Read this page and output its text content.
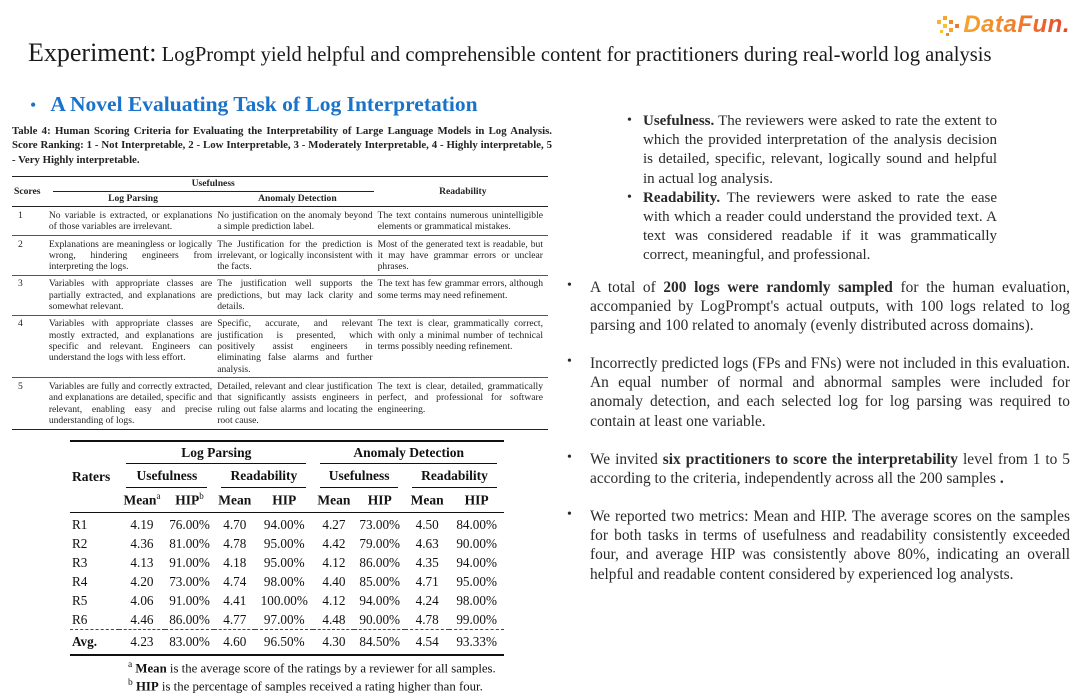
DataFun.
Experiment: LogPrompt yield helpful and comprehensible content for practitioners during real-world log analysis
• A Novel Evaluating Task of Log Interpretation
Table 4: Human Scoring Criteria for Evaluating the Interpretability of Large Language Models in Log Analysis. Score Ranking: 1 - Not Interpretable, 2 - Low Interpretable, 3 - Moderately Interpretable, 4 - Highly interpretable, 5 - Very Highly interpretable.
Scores	Usefulness		Readability
	Log Parsing	Anomaly Detection	
1	No variable is extracted, or explanations of those variables are irrelevant.	No justification on the anomaly beyond a simple prediction label.	The text contains numerous unintelligible elements or grammatical mistakes.
2	Explanations are meaningless or logically wrong, hindering engineers from interpreting the logs.	The Justification for the prediction is irrelevant, or logically inconsistent with the facts.	Most of the generated text is readable, but it may have grammar errors or unclear phrases.
3	Variables with appropriate classes are partially extracted, and explanations are somewhat relevant.	The justification well supports the predictions, but may lack clarity and details.	The text has few grammar errors, although some terms may need refinement.
4	Variables with appropriate classes are mostly extracted, and explanations are specific and relevant. Engineers can understand the logs with less effort.	Specific, accurate, and relevant justification is presented, which positively assist engineers in eliminating false alarms and further analysis.	The text is clear, grammatically correct, with only a minimal number of technical terms possibly needing refinement.
5	Variables are fully and correctly extracted, and explanations are detailed, specific and relevant, enabling easy and precise understanding of logs.	Detailed, relevant and clear justification that significantly assists engineers in ruling out false alarms and locating the root cause.	The text is clear, detailed, grammatically perfect, and professional for software engineering.
Raters	Log Parsing				Anomaly Detection			

	Usefulness		Readability		Usefulness		Readability	

	Mean$^a$	HIP$^b$	Mean	HIP	Mean	HIP	Mean	HIP
R1	4.19	76.00%	4.70	94.00%	4.27	73.00%	4.50	84.00%
R2	4.36	81.00%	4.78	95.00%	4.42	79.00%	4.63	90.00%
R3	4.13	91.00%	4.18	95.00%	4.12	86.00%	4.35	94.00%
R4	4.20	73.00%	4.74	98.00%	4.40	85.00%	4.71	95.00%
R5	4.06	91.00%	4.41	100.00%	4.12	94.00%	4.24	98.00%
R6	4.46	86.00%	4.77	97.00%	4.48	90.00%	4.78	99.00%
Avg.	4.23	83.00%	4.60	96.50%	4.30	84.50%	4.54	93.33%
$^a$ Mean is the average score of the ratings by a reviewer for all samples.
$^b$ HIP is the percentage of samples received a rating higher than four.
• Usefulness. The reviewers were asked to rate the extent to which the provided interpretation of the analysis decision is detailed, specific, relevant, logically sound and helpful in actual log analysis.

• Readability. The reviewers were asked to rate the ease with which a reader could understand the provided text. A text was considered readable if it was grammatically correct, meaningful, and professional.

•	A total of 200 logs were randomly sampled for the human evaluation, accompanied by LogPrompt's actual outputs, with 100 logs related to log parsing and 100 related to anomaly (evenly distributed across domains).

•	Incorrectly predicted logs (FPs and FNs) were not included in this evaluation. An equal number of normal and abnormal samples were included for anomaly detection, and each selected log for log parsing was required to contain at least one variable.

•	We invited six practitioners to score the interpretability level from 1 to 5 according to the criteria, independently across all the 200 samples .

•	We reported two metrics: Mean and HIP. The average scores on the samples for both tasks in terms of usefulness and readability consistently exceeded four, and average HIP was consistently above 80%, indicating an overall helpful and readable content considered by experienced log analysts.
